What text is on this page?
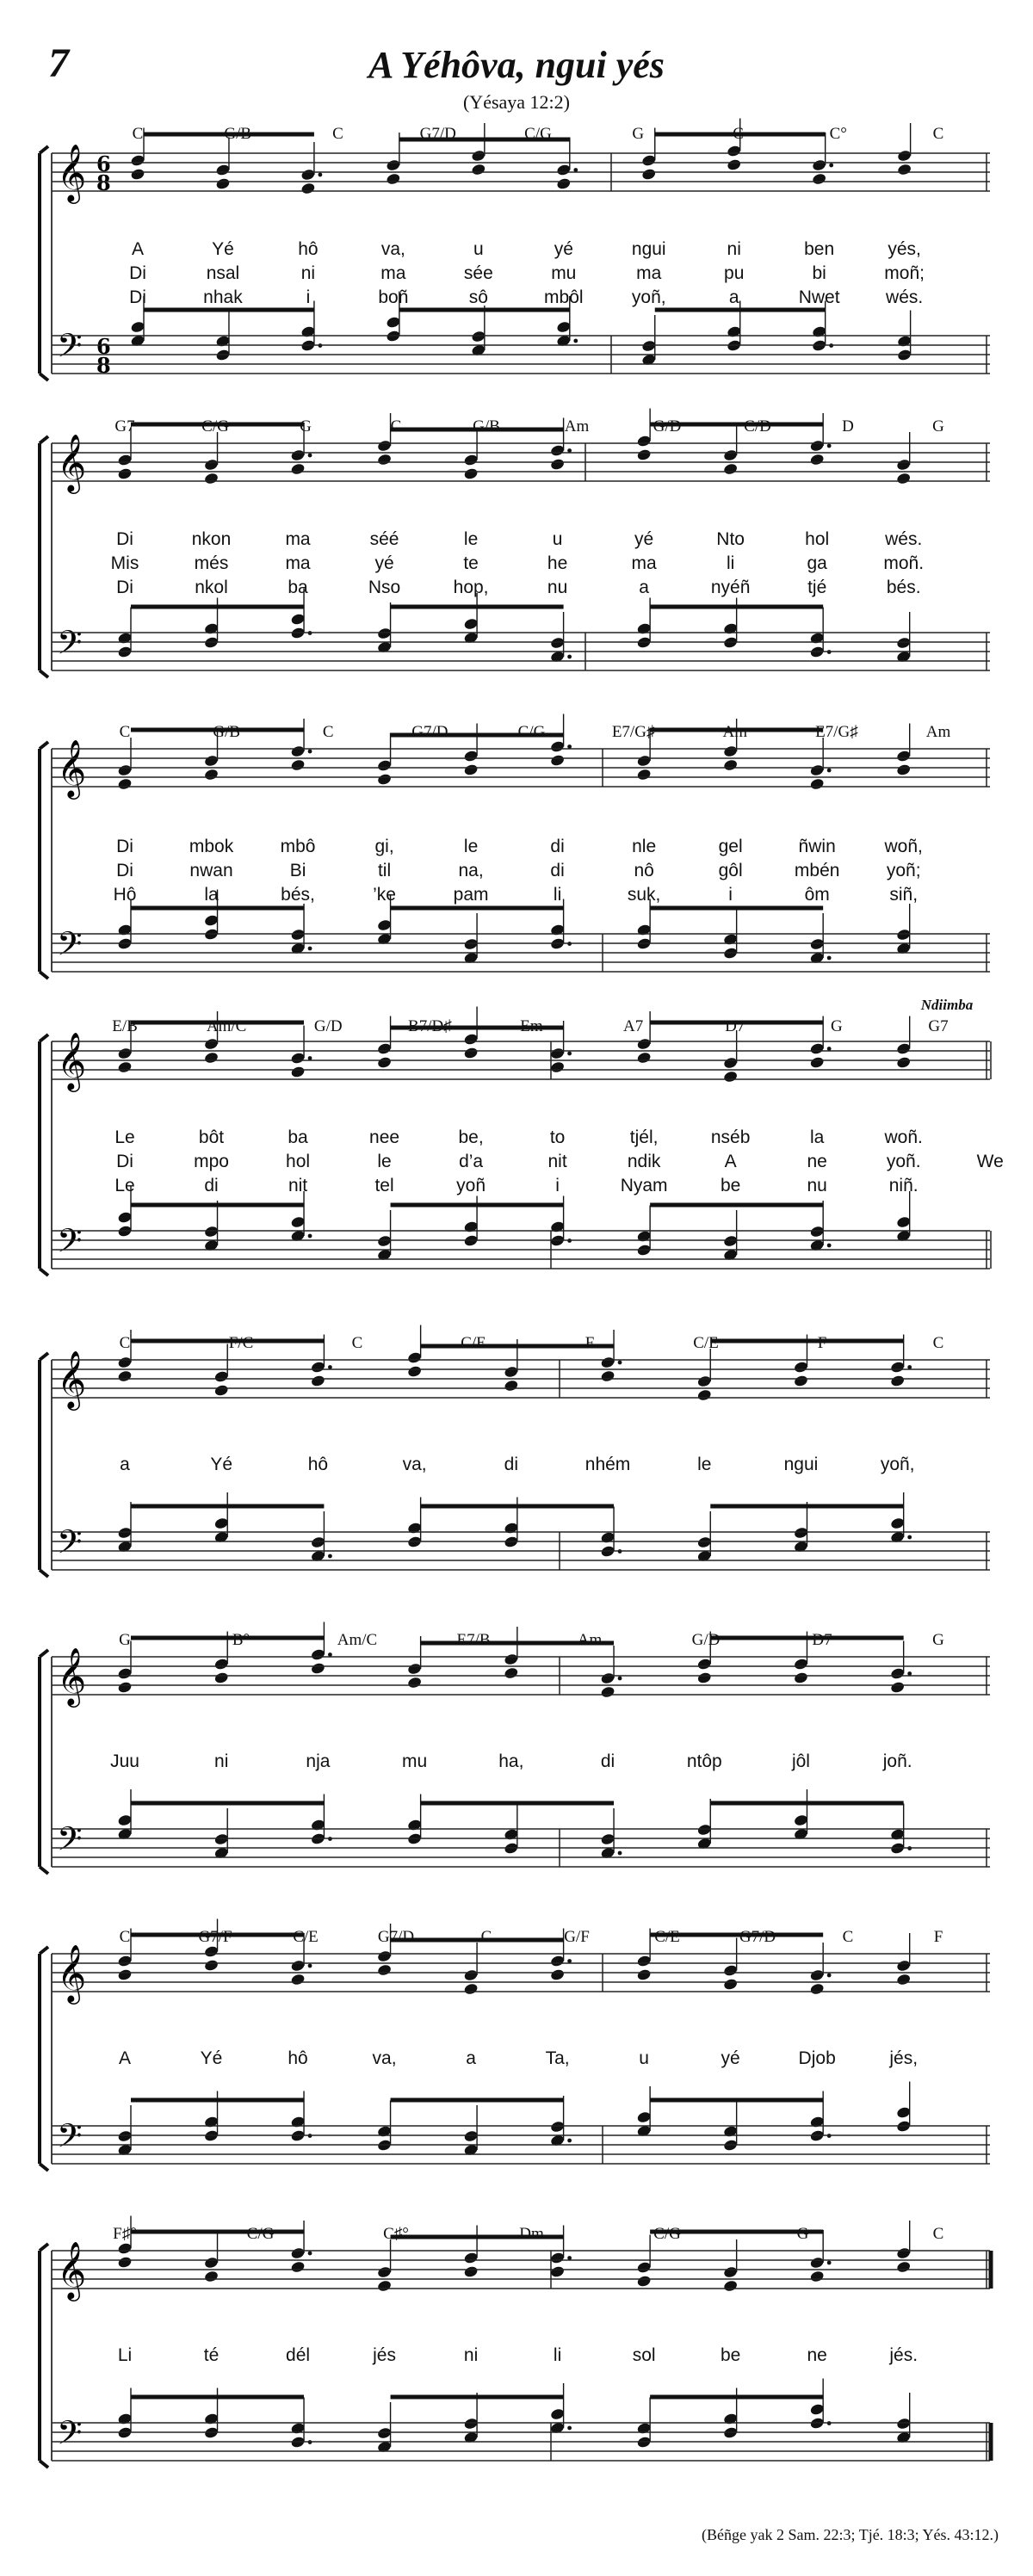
7	A Yéhôva, ngui yés
(Yésaya 12:2)
𝄞
𝄢
6
8
6
8
𝄞
𝄢
𝄞
𝄢
𝄞
𝄢
𝄞
𝄢
𝄞
𝄢
𝄞
𝄢
𝄞
𝄢
C	G/B	C	G7/D	C/G	G	C	C°	C
A	Yé	hô	va,	u	yé	ngui	ni	ben	yés,
Di	nsal	ni	ma	sée	mu	ma	pu	bi	moñ;
Di	nhak	i	boñ	sô	mbôl	yoñ,	a	Nwet	wés.
G7	C/G	G	C	G/B	Am	G/D	C/D	D	G
Di	nkon	ma	séé	le	u	yé	Nto	hol	wés.
Mis	més	ma	yé	te	he	ma	li	ga	moñ.
Di	nkol	ba	Nso	hop,	nu	a	nyéñ	tjé	bés.
C	G/B	C	G7/D	C/G	E7/G♯	Am	E7/G♯	Am
Di	mbok	mbô	gi,	le	di	nle	gel	ñwin	woñ,
Di	nwan	Bi	til	na,	di	nô	gôl	mbén	yoñ;
Hô	la	bés,	’ke	pam	li	suk,	i	ôm	siñ,
E/B	Am/C	G/D	B7/D♯	Em	A7	D7	G	G7
Ndiimba
Le	bôt	ba	nee	be,	to	tjél,	nséb	la	woñ.
Di	mpo	hol	le	d’a	nit	ndik	A	ne	yoñ.	We
Le	di	nit	tel	yoñ	i	Nyam	be	nu	niñ.
C	F/C	C	C/E	F	C/E	F	C
a	Yé	hô	va,	di	nhém	le	ngui	yoñ,
G	B°	Am/C	E7/B	Am	G/D	D7	G
Juu	ni	nja	mu	ha,	di	ntôp	jôl	joñ.
C	G7/F	C/E	G7/D	C	G/F	C/E	G7/D	C	F
A	Yé	hô	va,	a	Ta,	u	yé	Djob	jés,
F♯°	C/G	C♯°	Dm	C/G	G	C
Li	té	dél	jés	ni	li	sol	be	ne	jés.
(Béñge yak 2 Sam. 22:3; Tjé. 18:3; Yés. 43:12.)
